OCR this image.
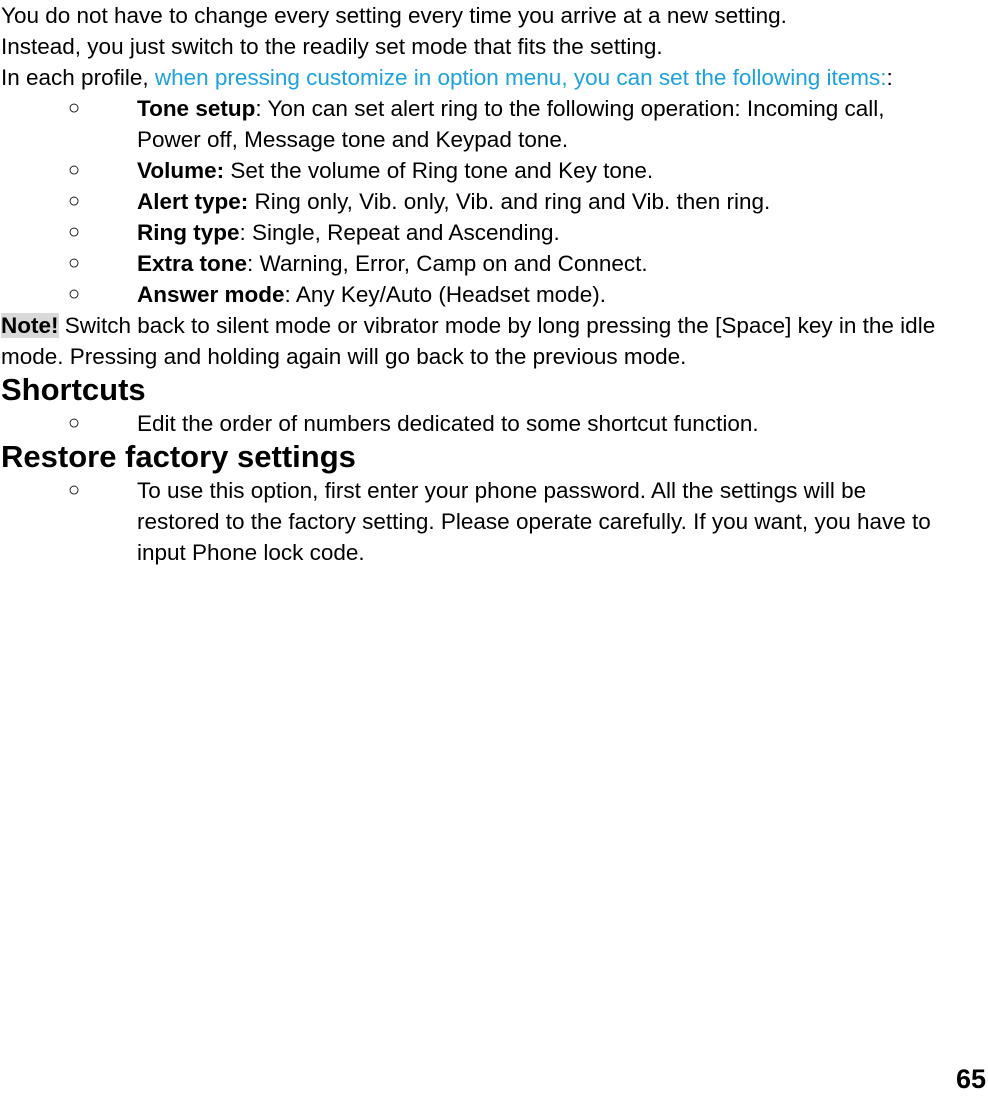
You do not have to change every setting every time you arrive at a new setting.

Instead, you just switch to the readily set mode that fits the setting.

In each profile, when pressing customize in option menu, you can set the following items::

○	Tone setup: Yon can set alert ring to the following operation: Incoming call, Power off, Message tone and Keypad tone.
○	Volume: Set the volume of Ring tone and Key tone.
○	Alert type: Ring only, Vib. only, Vib. and ring and Vib. then ring.
○	Ring type: Single, Repeat and Ascending.
○	Extra tone: Warning, Error, Camp on and Connect.
○	Answer mode: Any Key/Auto (Headset mode).

Note! Switch back to silent mode or vibrator mode by long pressing the [Space] key in the idle mode. Pressing and holding again will go back to the previous mode.

Shortcuts
○	Edit the order of numbers dedicated to some shortcut function.
Restore factory settings
○	To use this option, first enter your phone password. All the settings will be restored to the factory setting. Please operate carefully. If you want, you have to input Phone lock code.
65
